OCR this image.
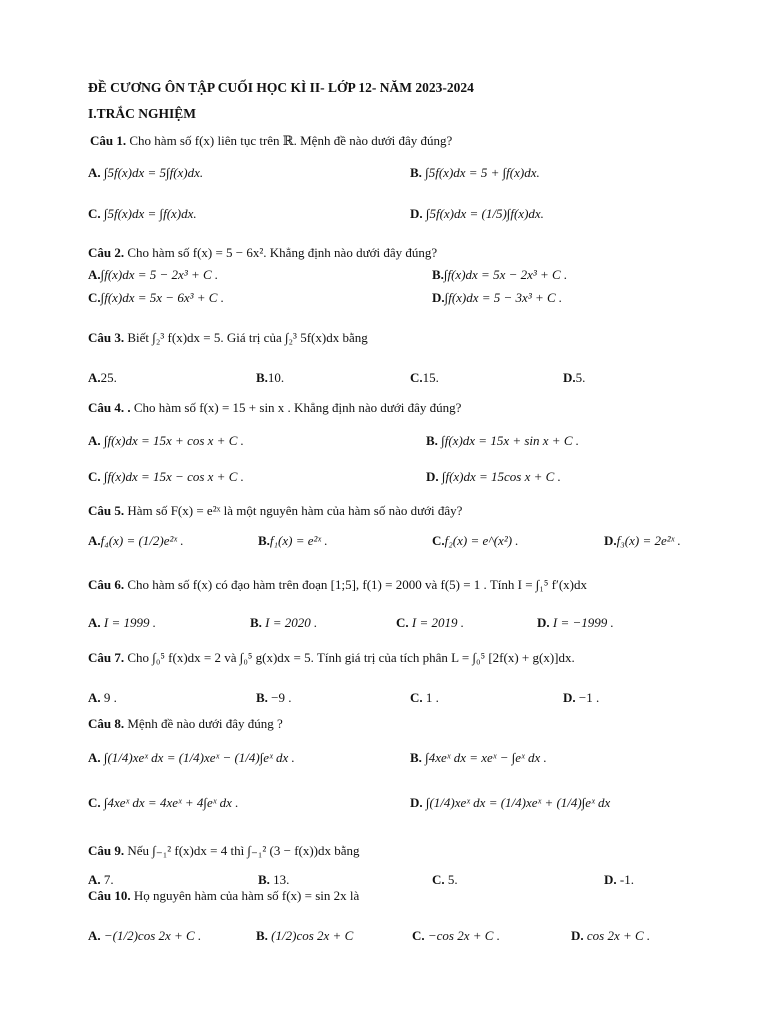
ĐỀ CƯƠNG ÔN TẬP CUỐI HỌC KÌ II- LỚP 12- NĂM 2023-2024
I.TRẮC NGHIỆM
Câu 1. Cho hàm số f(x) liên tục trên ℝ. Mệnh đề nào dưới đây đúng?
A. ∫5f(x)dx = 5∫f(x)dx.	B. ∫5f(x)dx = 5 + ∫f(x)dx.
C. ∫5f(x)dx = ∫f(x)dx.	D. ∫5f(x)dx = (1/5)∫f(x)dx.
Câu 2. Cho hàm số f(x) = 5 − 6x². Khẳng định nào dưới đây đúng?
A.∫f(x)dx = 5 − 2x³ + C .	B.∫f(x)dx = 5x − 2x³ + C .
C.∫f(x)dx = 5x − 6x³ + C .	D.∫f(x)dx = 5 − 3x³ + C .
Câu 3. Biết ∫₂³ f(x)dx = 5. Giá trị của ∫₂³ 5f(x)dx bằng
A.25.	B.10.	C.15.	D.5.
Câu 4. . Cho hàm số f(x) = 15 + sin x . Khẳng định nào dưới đây đúng?
A. ∫f(x)dx = 15x + cos x + C .	B. ∫f(x)dx = 15x + sin x + C .
C. ∫f(x)dx = 15x − cos x + C .	D. ∫f(x)dx = 15cos x + C .
Câu 5. Hàm số F(x) = e²ˣ là một nguyên hàm của hàm số nào dưới đây?
A.f₄(x) = (1/2)e²ˣ .	B.f₁(x) = e²ˣ .	C.f₂(x) = e^(x²) .	D.f₃(x) = 2e²ˣ .
Câu 6. Cho hàm số f(x) có đạo hàm trên đoạn [1;5], f(1) = 2000 và f(5) = 1 . Tính I = ∫₁⁵ f′(x)dx
A. I = 1999 .	B. I = 2020 .	C. I = 2019 .	D. I = −1999 .
Câu 7. Cho ∫₀⁵ f(x)dx = 2 và ∫₀⁵ g(x)dx = 5. Tính giá trị của tích phân L = ∫₀⁵ [2f(x) + g(x)]dx.
A. 9 .	B. −9 .	C. 1 .	D. −1 .
Câu 8. Mệnh đề nào dưới đây đúng ?
A. ∫(1/4)xeˣ dx = (1/4)xeˣ − (1/4)∫eˣ dx .	B. ∫4xeˣ dx = xeˣ − ∫eˣ dx .
C. ∫4xeˣ dx = 4xeˣ + 4∫eˣ dx .	D. ∫(1/4)xeˣ dx = (1/4)xeˣ + (1/4)∫eˣ dx
Câu 9. Nếu ∫₋₁² f(x)dx = 4 thì ∫₋₁² (3 − f(x))dx bằng
A. 7.	B. 13.	C. 5.	D. -1.
Câu 10. Họ nguyên hàm của hàm số f(x) = sin 2x là
A. −(1/2)cos 2x + C .	B. (1/2)cos 2x + C	C. −cos 2x + C .	D. cos 2x + C .
